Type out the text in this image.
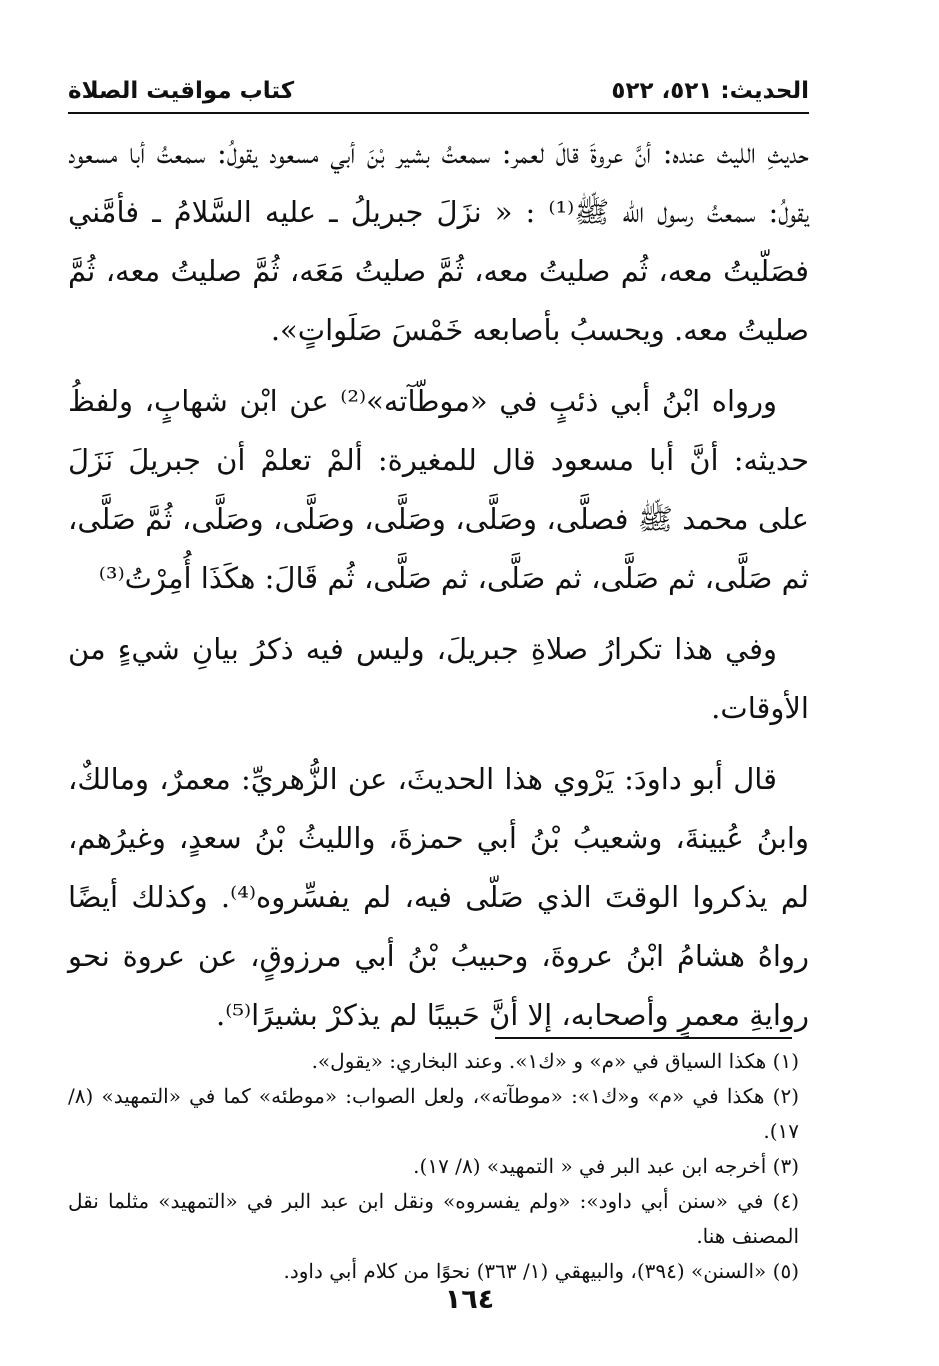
الحديث: ٥٢١، ٥٢٢
كتاب مواقيت الصلاة

حديثِ الليث عنده: أنَّ عروةَ قالَ لعمر: سمعتُ بشير بْنَ أبي مسعود يقولُ: سمعتُ أبا مسعود يقولُ: سمعتُ رسول الله ﷺ⁽¹⁾ : « نزَلَ جبريلُ ـ عليه السَّلامُ ـ فأمَّني فصَلّيتُ معه، ثُم صليتُ معه، ثُمَّ صليتُ مَعَه، ثُمَّ صليتُ معه، ثُمَّ صليتُ معه. ويحسبُ بأصابعه خَمْسَ صَلَواتٍ».

ورواه ابْنُ أبي ذئبٍ في «موطّآته»⁽²⁾ عن ابْن شهابٍ، ولفظُ حديثه: أنَّ أبا مسعود قال للمغيرة: ألمْ تعلمْ أن جبريلَ نَزَلَ على محمد ﷺ فصلَّى، وصَلَّى، وصَلَّى، وصَلَّى، وصَلَّى، ثُمَّ صَلَّى، ثم صَلَّى، ثم صَلَّى، ثم صَلَّى، ثم صَلَّى، ثُم قَالَ: هكَذَا أُمِرْتُ⁽³⁾

وفي هذا تكرارُ صلاةِ جبريلَ، وليس فيه ذكرُ بيانِ شيءٍ من الأوقات.

قال أبو داودَ: يَرْوي هذا الحديثَ، عن الزُّهريِّ: معمرٌ، ومالكٌ، وابنُ عُيينةَ، وشعيبُ بْنُ أبي حمزةَ، والليثُ بْنُ سعدٍ، وغيرُهم، لم يذكروا الوقتَ الذي صَلّى فيه، لم يفسِّروه⁽⁴⁾. وكذلك أيضًا رواهُ هشامُ ابْنُ عروةَ، وحبيبُ بْنُ أبي مرزوقٍ، عن عروة نحو روايةِ معمرٍ وأصحابه، إلا أنَّ حَبيبًا لم يذكرْ بشيرًا⁽⁵⁾.

(١) هكذا السياق في «م» و «ك١». وعند البخاري: «يقول».

(٢) هكذا في «م» و«ك١»: «موطآته»، ولعل الصواب: «موطئه» كما في «التمهيد» (٨/ ١٧).

(٣) أخرجه ابن عبد البر في « التمهيد» (٨/ ١٧).

(٤) في «سنن أبي داود»: «ولم يفسروه» ونقل ابن عبد البر في «التمهيد» مثلما نقل المصنف هنا.

(٥) «السنن» (٣٩٤)، والبيهقي (١/ ٣٦٣) نحوًا من كلام أبي داود.

١٦٤
